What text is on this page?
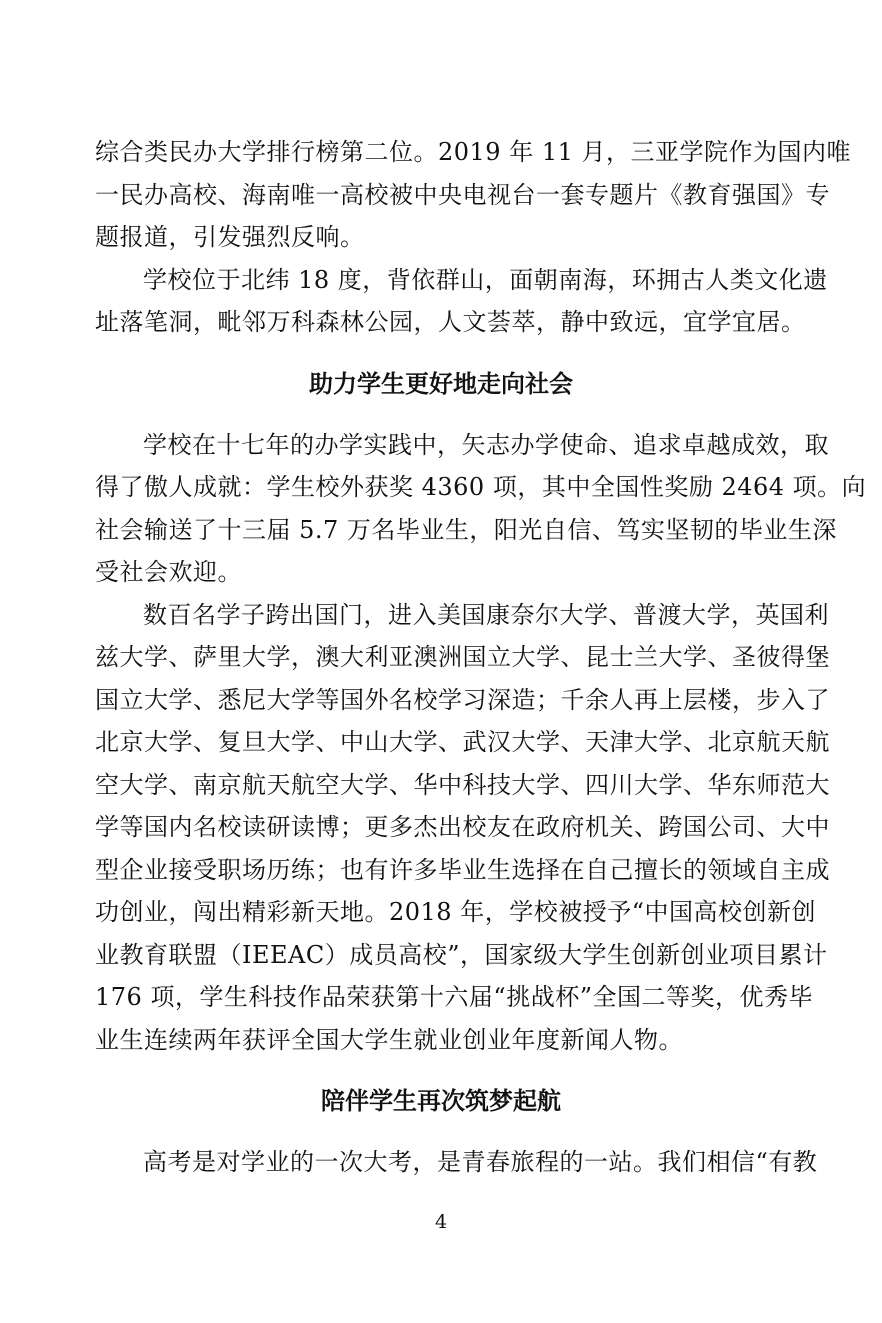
综合类民办大学排行榜第二位。2019 年 11 月，三亚学院作为国内唯
一民办高校、海南唯一高校被中央电视台一套专题片《教育强国》专
题报道，引发强烈反响。
学校位于北纬 18 度，背依群山，面朝南海，环拥古人类文化遗
址落笔洞，毗邻万科森林公园，人文荟萃，静中致远，宜学宜居。
助力学生更好地走向社会
学校在十七年的办学实践中，矢志办学使命、追求卓越成效，取
得了傲人成就：学生校外获奖 4360 项，其中全国性奖励 2464 项。向
社会输送了十三届 5.7 万名毕业生，阳光自信、笃实坚韧的毕业生深
受社会欢迎。
数百名学子跨出国门，进入美国康奈尔大学、普渡大学，英国利
兹大学、萨里大学，澳大利亚澳洲国立大学、昆士兰大学、圣彼得堡
国立大学、悉尼大学等国外名校学习深造；千余人再上层楼，步入了
北京大学、复旦大学、中山大学、武汉大学、天津大学、北京航天航
空大学、南京航天航空大学、华中科技大学、四川大学、华东师范大
学等国内名校读研读博；更多杰出校友在政府机关、跨国公司、大中
型企业接受职场历练；也有许多毕业生选择在自己擅长的领域自主成
功创业，闯出精彩新天地。2018 年，学校被授予“中国高校创新创
业教育联盟（IEEAC）成员高校”，国家级大学生创新创业项目累计
176 项，学生科技作品荣获第十六届“挑战杯”全国二等奖，优秀毕
业生连续两年获评全国大学生就业创业年度新闻人物。
陪伴学生再次筑梦起航
高考是对学业的一次大考，是青春旅程的一站。我们相信“有教
4
